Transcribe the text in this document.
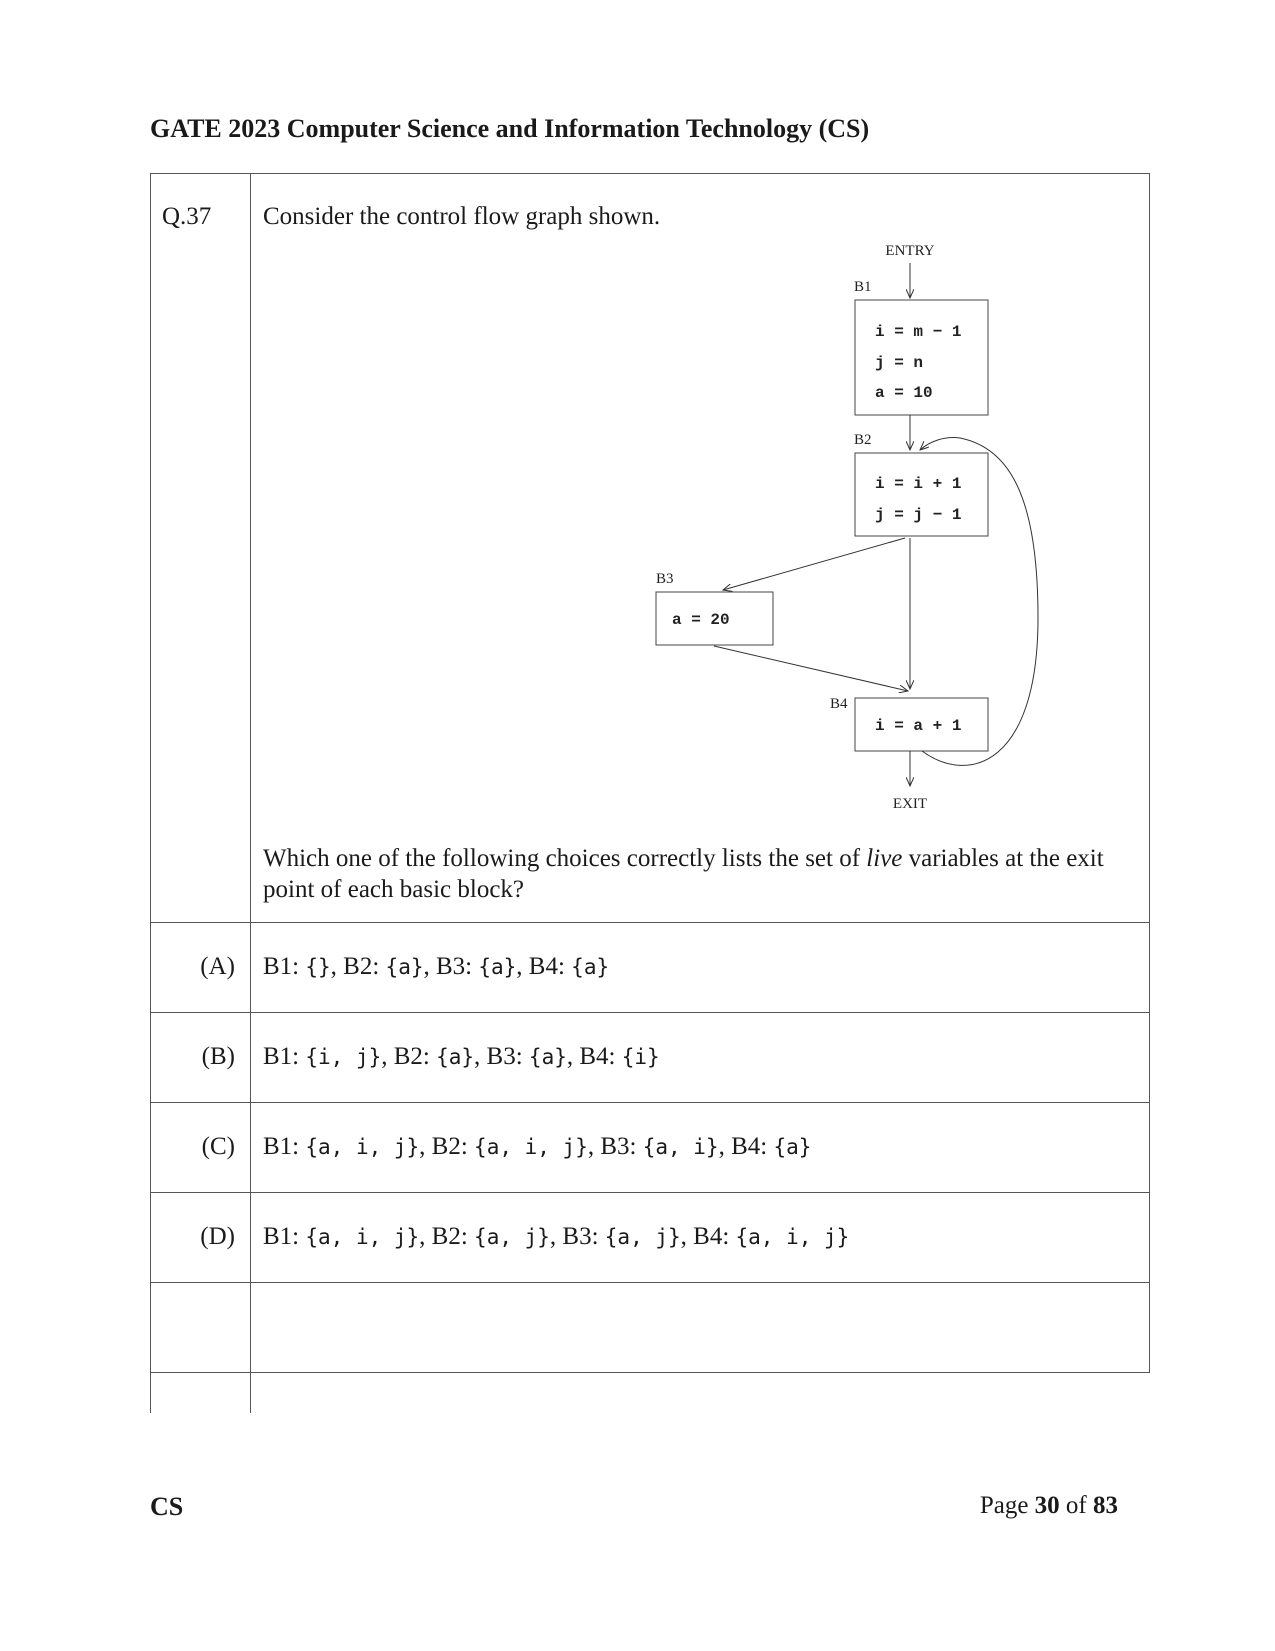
GATE 2023 Computer Science and Information Technology (CS)
Q.37 Consider the control flow graph shown.
ENTRY
B1
i = m − 1
j = n
a = 10
B2
i = i + 1
j = j − 1
B3
a = 20
B4
i = a + 1
EXIT
Which one of the following choices correctly lists the set of live variables at the exit point of each basic block?
(A) B1: {}, B2: {a}, B3: {a}, B4: {a}
(B) B1: {i, j}, B2: {a}, B3: {a}, B4: {i}
(C) B1: {a, i, j}, B2: {a, i, j}, B3: {a, i}, B4: {a}
(D) B1: {a, i, j}, B2: {a, j}, B3: {a, j}, B4: {a, i, j}
CS	Page 30 of 83
